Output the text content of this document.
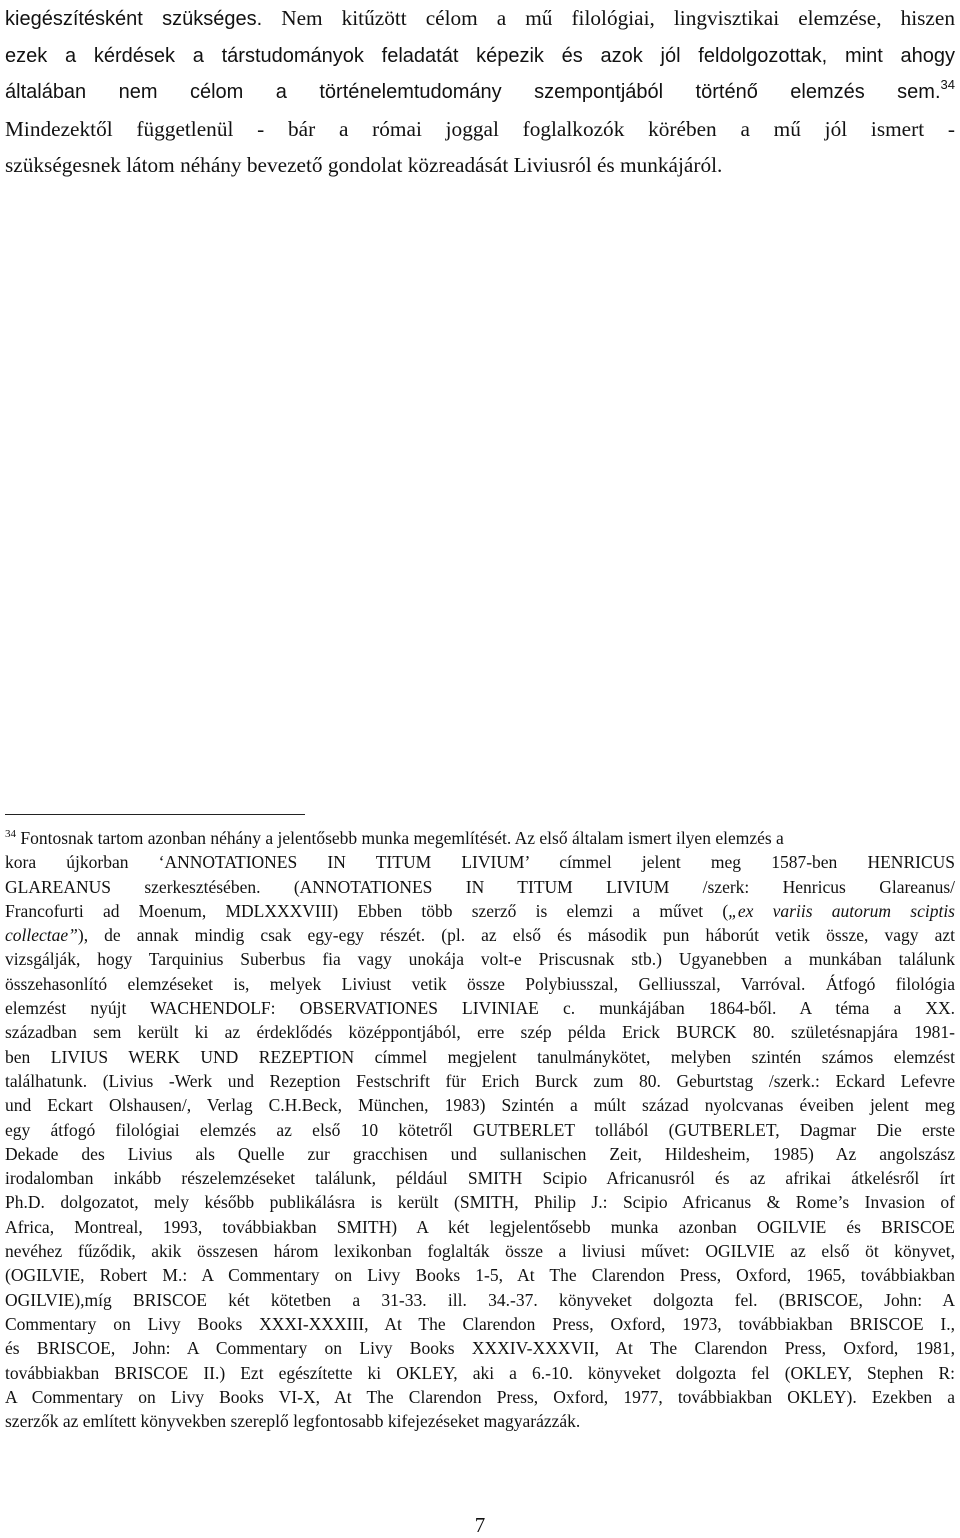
kiegészítésként szükséges. Nem kitűzött célom a mű filológiai, lingvisztikai elemzése, hiszen
ezek a kérdések a társtudományok feladatát képezik és azok jól feldolgozottak, mint ahogy
általában nem célom a történelemtudomány szempontjából történő elemzés sem.$^{34}$
Mindezektől függetlenül - bár a római joggal foglalkozók körében a mű jól ismert -
szükségesnek látom néhány bevezető gondolat közreadását Liviusról és munkájáról.
$^{34}$ Fontosnak tartom azonban néhány a jelentősebb munka megemlítését. Az első általam ismert ilyen elemzés a
kora újkorban ‘ANNOTATIONES IN TITUM LIVIUM’ címmel jelent meg 1587-ben HENRICUS
GLAREANUS szerkesztésében. (ANNOTATIONES IN TITUM LIVIUM /szerk: Henricus Glareanus/
Francofurti ad Moenum, MDLXXXVIII) Ebben több szerző is elemzi a művet („ex variis autorum sciptis
collectae”), de annak mindig csak egy-egy részét. (pl. az első és második pun háborút vetik össze, vagy azt
vizsgálják, hogy Tarquinius Suberbus fia vagy unokája volt-e Priscusnak stb.) Ugyanebben a munkában találunk
összehasonlító elemzéseket is, melyek Liviust vetik össze Polybiusszal, Gelliusszal, Varróval. Átfogó filológia
elemzést nyújt WACHENDOLF: OBSERVATIONES LIVINIAE c. munkájában 1864-ből. A téma a XX.
században sem került ki az érdeklődés középpontjából, erre szép példa Erick BURCK 80. születésnapjára 1981-
ben LIVIUS WERK UND REZEPTION címmel megjelent tanulmánykötet, melyben szintén számos elemzést
találhatunk. (Livius -Werk und Rezeption Festschrift für Erich Burck zum 80. Geburtstag /szerk.: Eckard Lefevre
und Eckart Olshausen/, Verlag C.H.Beck, München, 1983) Szintén a múlt század nyolcvanas éveiben jelent meg
egy átfogó filológiai elemzés az első 10 kötetről GUTBERLET tollából (GUTBERLET, Dagmar Die erste
Dekade des Livius als Quelle zur gracchisen und sullanischen Zeit, Hildesheim, 1985) Az angolszász
irodalomban inkább részelemzéseket találunk, például SMITH Scipio Africanusról és az afrikai átkelésről írt
Ph.D. dolgozatot, mely később publikálásra is került (SMITH, Philip J.: Scipio Africanus & Rome’s Invasion of
Africa, Montreal, 1993, továbbiakban SMITH) A két legjelentősebb munka azonban OGILVIE és BRISCOE
nevéhez fűződik, akik összesen három lexikonban foglalták össze a liviusi művet: OGILVIE az első öt könyvet,
(OGILVIE, Robert M.: A Commentary on Livy Books 1-5, At The Clarendon Press, Oxford, 1965, továbbiakban
OGILVIE),míg BRISCOE két kötetben a 31-33. ill. 34.-37. könyveket dolgozta fel. (BRISCOE, John: A
Commentary on Livy Books XXXI-XXXIII, At The Clarendon Press, Oxford, 1973, továbbiakban BRISCOE I.,
és BRISCOE, John: A Commentary on Livy Books XXXIV-XXXVII, At The Clarendon Press, Oxford, 1981,
továbbiakban BRISCOE II.) Ezt egészítette ki OKLEY, aki a 6.-10. könyveket dolgozta fel (OKLEY, Stephen R:
A Commentary on Livy Books VI-X, At The Clarendon Press, Oxford, 1977, továbbiakban OKLEY). Ezekben a
szerzők az említett könyvekben szereplő legfontosabb kifejezéseket magyarázzák.
7
